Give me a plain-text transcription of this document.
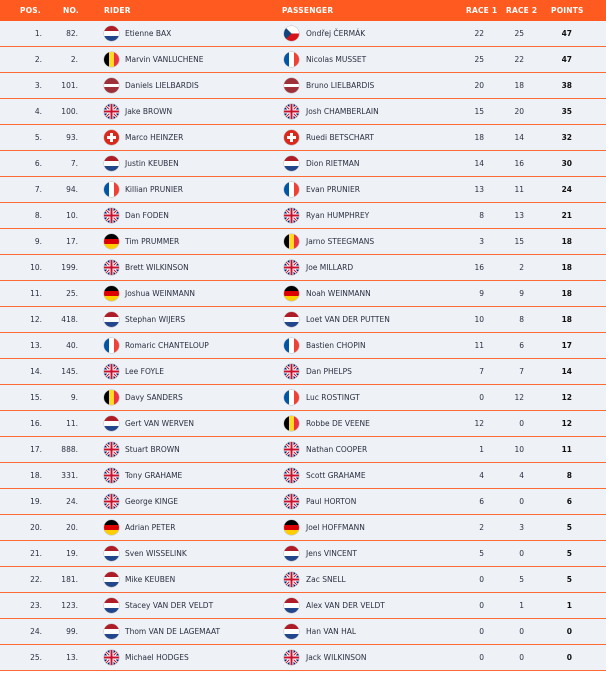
POS.	NO.	RIDER	PASSENGER	RACE 1 RACE 2 POINTS
1.	82.	Etienne BAX	Ondřej ČERMÁK	22	25	47
2.	2.	Marvin VANLUCHENE	Nicolas MUSSET	25	22	47
3.	101.	Daniels LIELBARDIS	Bruno LIELBARDIS	20	18	38
4.	100.	Jake BROWN	Josh CHAMBERLAIN	15	20	35
5.	93.	Marco HEINZER	Ruedi BETSCHART	18	14	32
6.	7.	Justin KEUBEN	Dion RIETMAN	14	16	30
7.	94.	Killian PRUNIER	Evan PRUNIER	13	11	24
8.	10.	Dan FODEN	Ryan HUMPHREY	8	13	21
9.	17.	Tim PRUMMER	Jarno STEEGMANS	3	15	18
10.	199.	Brett WILKINSON	Joe MILLARD	16	2	18
11.	25.	Joshua WEINMANN	Noah WEINMANN	9	9	18
12.	418.	Stephan WIJERS	Loet VAN DER PUTTEN	10	8	18
13.	40.	Romaric CHANTELOUP	Bastien CHOPIN	11	6	17
14.	145.	Lee FOYLE	Dan PHELPS	7	7	14
15.	9.	Davy SANDERS	Luc ROSTINGT	0	12	12
16.	11.	Gert VAN WERVEN	Robbe DE VEENE	12	0	12
17.	888.	Stuart BROWN	Nathan COOPER	1	10	11
18.	331.	Tony GRAHAME	Scott GRAHAME	4	4	8
19.	24.	George KINGE	Paul HORTON	6	0	6
20.	20.	Adrian PETER	Joel HOFFMANN	2	3	5
21.	19.	Sven WISSELINK	Jens VINCENT	5	0	5
22.	181.	Mike KEUBEN	Zac SNELL	0	5	5
23.	123.	Stacey VAN DER VELDT	Alex VAN DER VELDT	0	1	1
24.	99.	Thom VAN DE LAGEMAAT	Han VAN HAL	0	0	0
25.	13.	Michael HODGES	Jack WILKINSON	0	0	0
